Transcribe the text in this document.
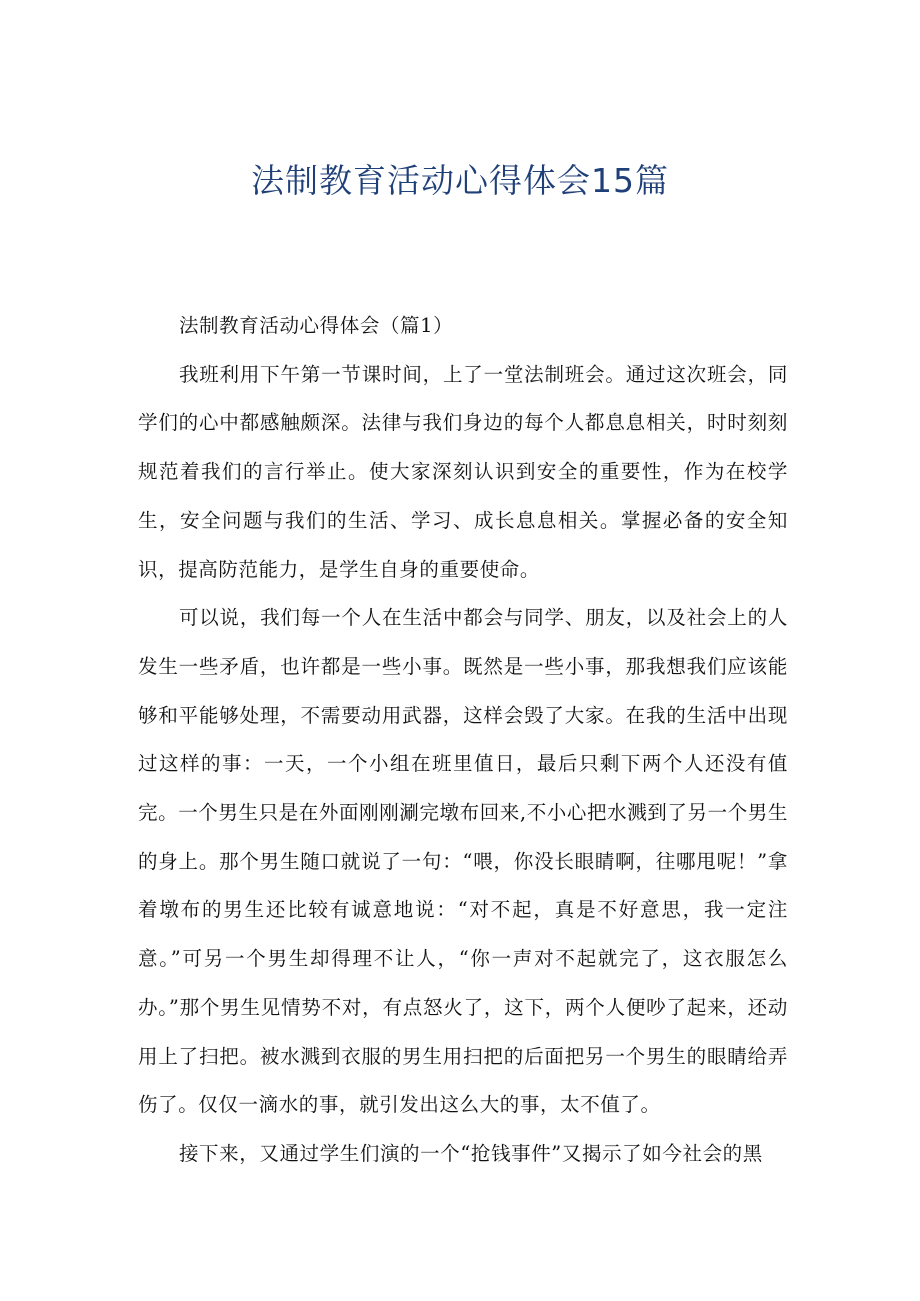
法制教育活动心得体会15篇

法制教育活动心得体会（篇1）

我班利用下午第一节课时间，上了一堂法制班会。通过这次班会，同学们的心中都感触颇深。法律与我们身边的每个人都息息相关，时时刻刻规范着我们的言行举止。使大家深刻认识到安全的重要性，作为在校学生，安全问题与我们的生活、学习、成长息息相关。掌握必备的安全知识，提高防范能力，是学生自身的重要使命。

可以说，我们每一个人在生活中都会与同学、朋友，以及社会上的人发生一些矛盾，也许都是一些小事。既然是一些小事，那我想我们应该能够和平能够处理，不需要动用武器，这样会毁了大家。在我的生活中出现过这样的事：一天，一个小组在班里值日，最后只剩下两个人还没有值完。一个男生只是在外面刚刚涮完墩布回来,不小心把水溅到了另一个男生的身上。那个男生随口就说了一句：“喂，你没长眼睛啊，往哪甩呢！”拿着墩布的男生还比较有诚意地说：“对不起，真是不好意思，我一定注意。”可另一个男生却得理不让人，“你一声对不起就完了，这衣服怎么办。”那个男生见情势不对，有点怒火了，这下，两个人便吵了起来，还动用上了扫把。被水溅到衣服的男生用扫把的后面把另一个男生的眼睛给弄伤了。仅仅一滴水的事，就引发出这么大的事，太不值了。

接下来，又通过学生们演的一个“抢钱事件”又揭示了如今社会的黑
